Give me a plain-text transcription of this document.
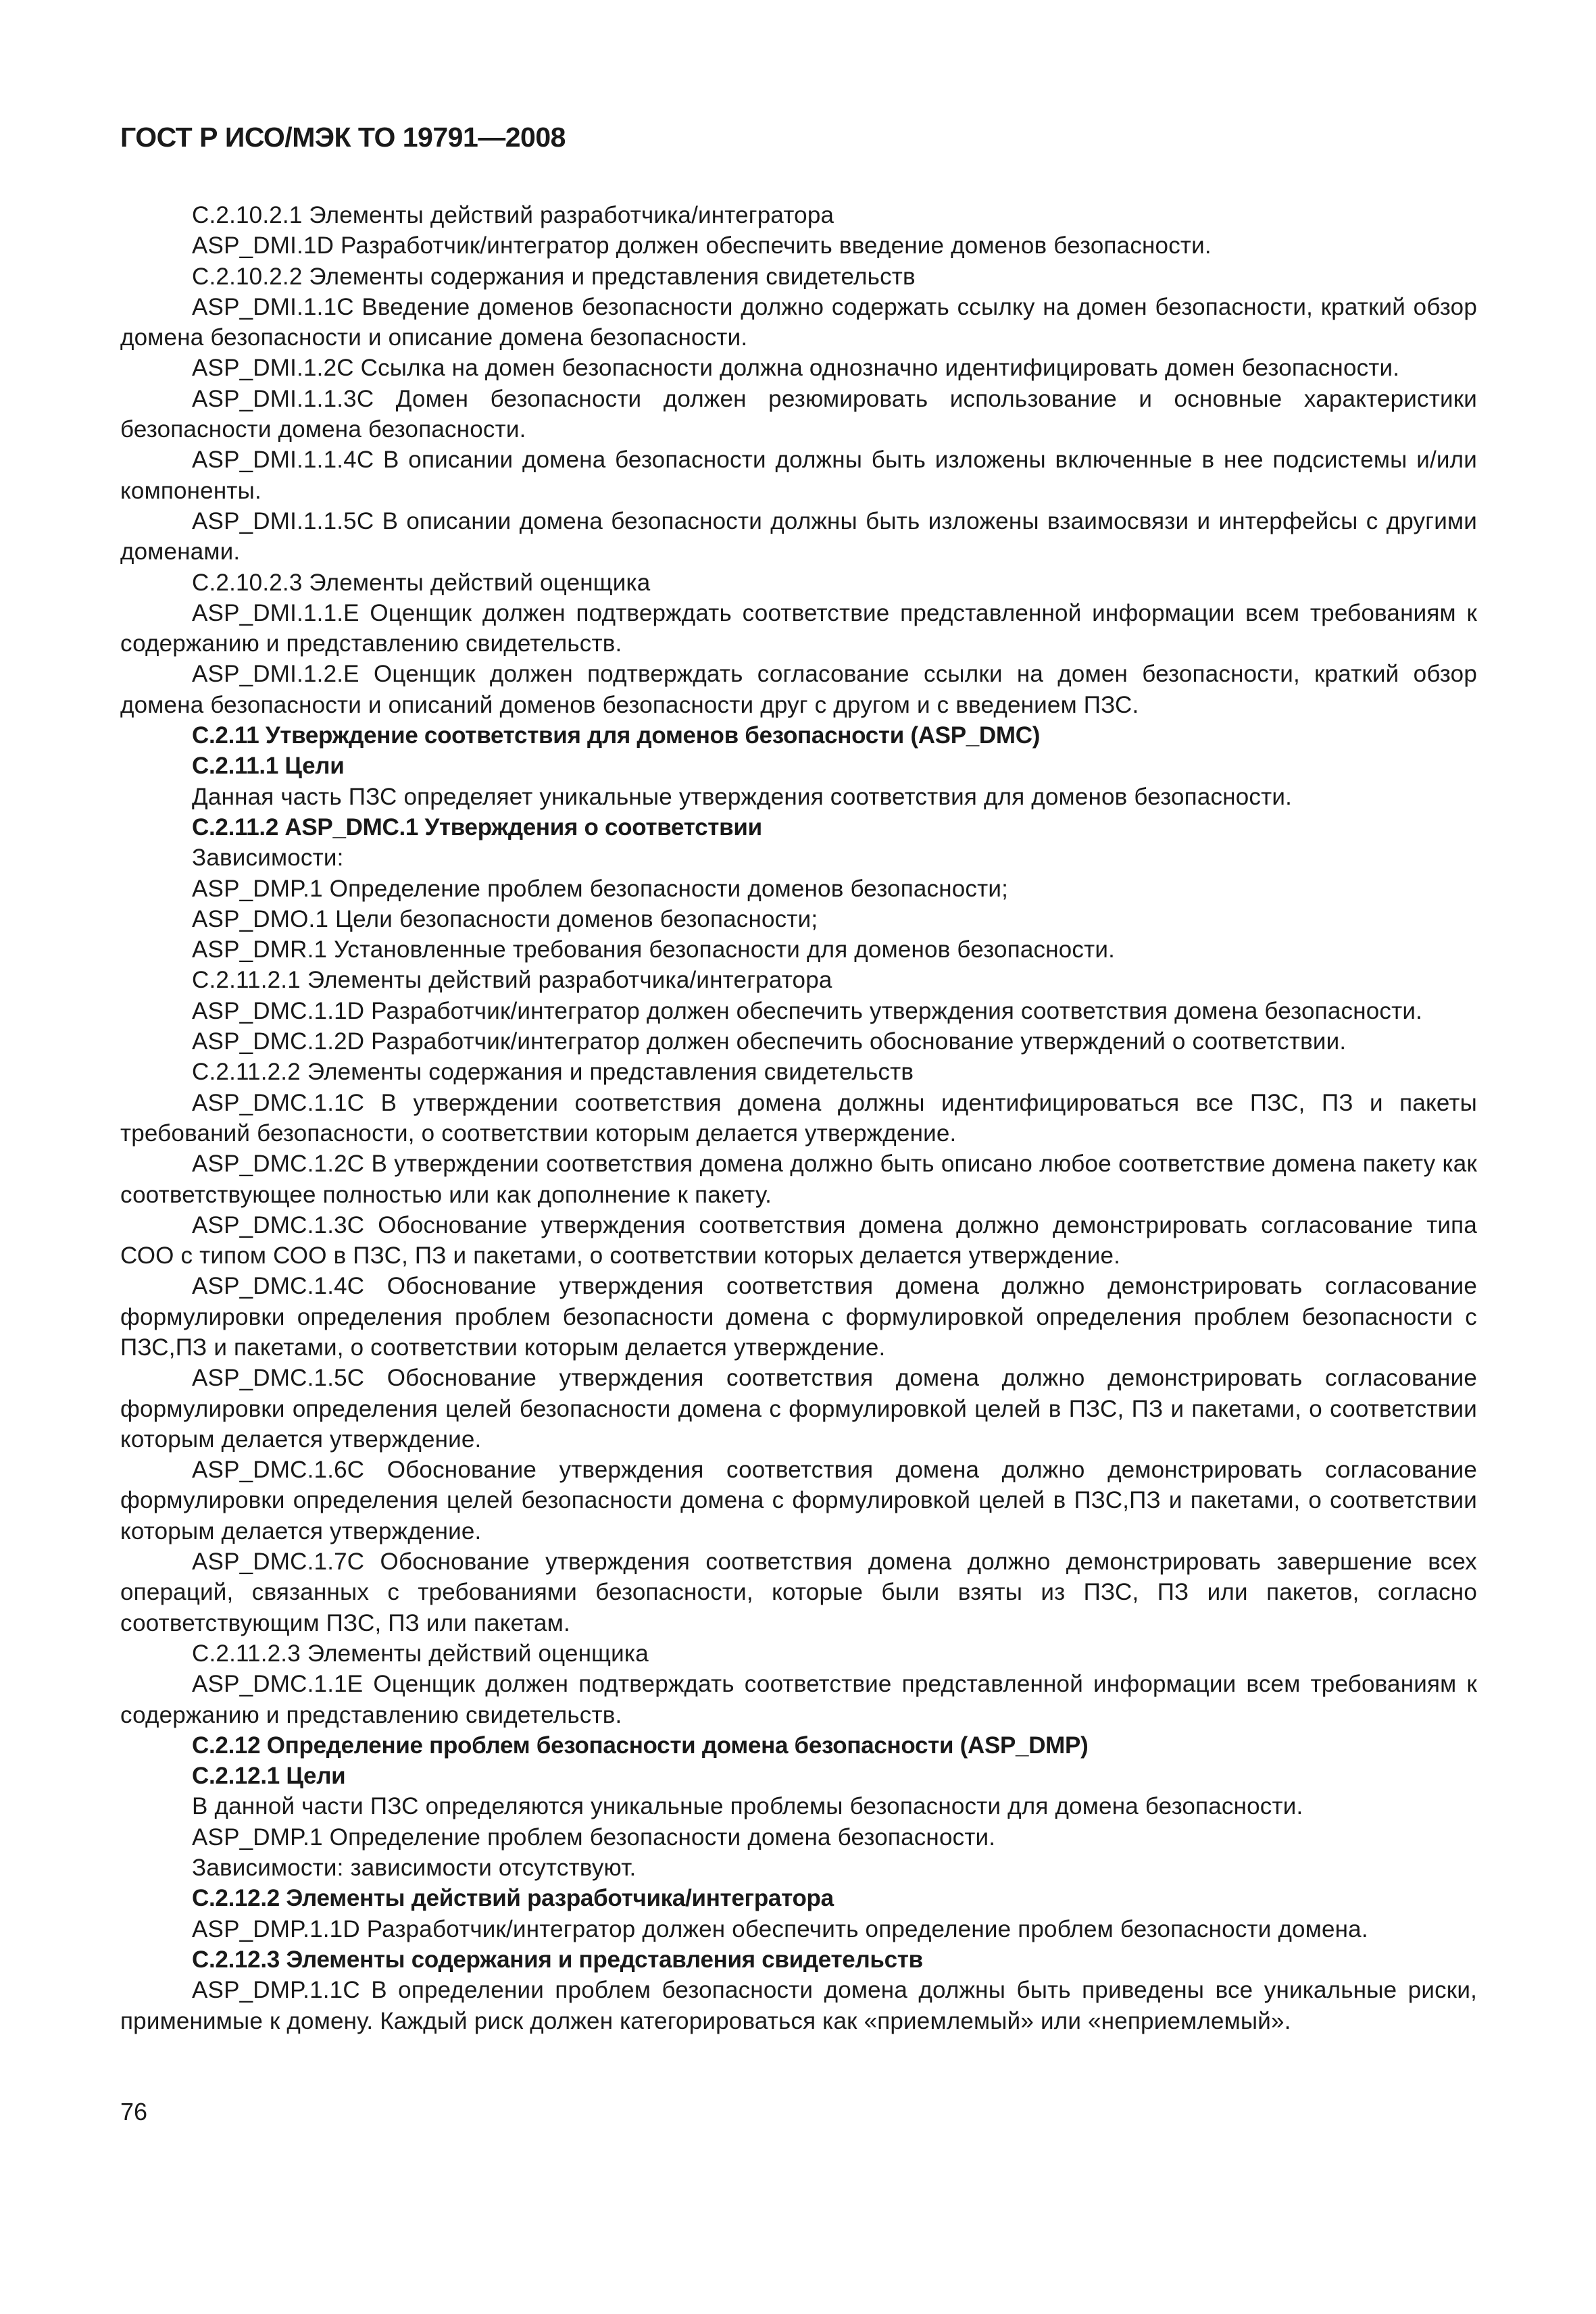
ГОСТ Р ИСО/МЭК ТО 19791—2008

С.2.10.2.1 Элементы действий разработчика/интегратора

ASP_DMI.1D Разработчик/интегратор должен обеспечить введение доменов безопасности.

С.2.10.2.2 Элементы содержания и представления свидетельств

ASP_DMI.1.1C Введение доменов безопасности должно содержать ссылку на домен безопасности, краткий обзор домена безопасности и описание домена безопасности.

ASP_DMI.1.2C Ссылка на домен безопасности должна однозначно идентифицировать домен безопасности.

ASP_DMI.1.1.3C Домен безопасности должен резюмировать использование и основные характеристики безопасности домена безопасности.

ASP_DMI.1.1.4C В описании домена безопасности должны быть изложены включенные в нее подсистемы и/или компоненты.

ASP_DMI.1.1.5C В описании домена безопасности должны быть изложены взаимосвязи и интерфейсы с другими доменами.

С.2.10.2.3 Элементы действий оценщика

ASP_DMI.1.1.E Оценщик должен подтверждать соответствие представленной информации всем требованиям к содержанию и представлению свидетельств.

ASP_DMI.1.2.E Оценщик должен подтверждать согласование ссылки на домен безопасности, краткий обзор домена безопасности и описаний доменов безопасности друг с другом и с введением ПЗС.

С.2.11 Утверждение соответствия для доменов безопасности (ASP_DMC)

С.2.11.1 Цели

Данная часть ПЗС определяет уникальные утверждения соответствия для доменов безопасности.

С.2.11.2 ASP_DMC.1 Утверждения о соответствии

Зависимости:

ASP_DMP.1 Определение проблем безопасности доменов безопасности;

ASP_DMO.1 Цели безопасности доменов безопасности;

ASP_DMR.1 Установленные требования безопасности для доменов безопасности.

С.2.11.2.1 Элементы действий разработчика/интегратора

ASP_DMC.1.1D Разработчик/интегратор должен обеспечить утверждения соответствия домена безопасности.

ASP_DMC.1.2D Разработчик/интегратор должен обеспечить обоснование утверждений о соответствии.

С.2.11.2.2 Элементы содержания и представления свидетельств

ASP_DMC.1.1C В утверждении соответствия домена должны идентифицироваться все ПЗС, ПЗ и пакеты требований безопасности, о соответствии которым делается утверждение.

ASP_DMC.1.2C В утверждении соответствия домена должно быть описано любое соответствие домена пакету как соответствующее полностью или как дополнение к пакету.

ASP_DMC.1.3C Обоснование утверждения соответствия домена должно демонстрировать согласование типа СОО с типом СОО в ПЗС, ПЗ и пакетами, о соответствии которых делается утверждение.

ASP_DMC.1.4C Обоснование утверждения соответствия домена должно демонстрировать согласование формулировки определения проблем безопасности домена с формулировкой определения проблем безопасности с ПЗС,ПЗ и пакетами, о соответствии которым делается утверждение.

ASP_DMC.1.5C Обоснование утверждения соответствия домена должно демонстрировать согласование формулировки определения целей безопасности домена с формулировкой целей в ПЗС, ПЗ и пакетами, о соответствии которым делается утверждение.

ASP_DMC.1.6C Обоснование утверждения соответствия домена должно демонстрировать согласование формулировки определения целей безопасности домена с формулировкой целей в ПЗС,ПЗ и пакетами, о соответствии которым делается утверждение.

ASP_DMC.1.7C Обоснование утверждения соответствия домена должно демонстрировать завершение всех операций, связанных с требованиями безопасности, которые были взяты из ПЗС, ПЗ или пакетов, согласно соответствующим ПЗС, ПЗ или пакетам.

С.2.11.2.3 Элементы действий оценщика

ASP_DMC.1.1E Оценщик должен подтверждать соответствие представленной информации всем требованиям к содержанию и представлению свидетельств.

С.2.12 Определение проблем безопасности домена безопасности (ASP_DMP)

С.2.12.1 Цели

В данной части ПЗС определяются уникальные проблемы безопасности для домена безопасности.

ASP_DMP.1 Определение проблем безопасности домена безопасности.

Зависимости: зависимости отсутствуют.

С.2.12.2 Элементы действий разработчика/интегратора

ASP_DMP.1.1D Разработчик/интегратор должен обеспечить определение проблем безопасности домена.

С.2.12.3 Элементы содержания и представления свидетельств

ASP_DMP.1.1C В определении проблем безопасности домена должны быть приведены все уникальные риски, применимые к домену. Каждый риск должен категорироваться как «приемлемый» или «неприемлемый».

76
